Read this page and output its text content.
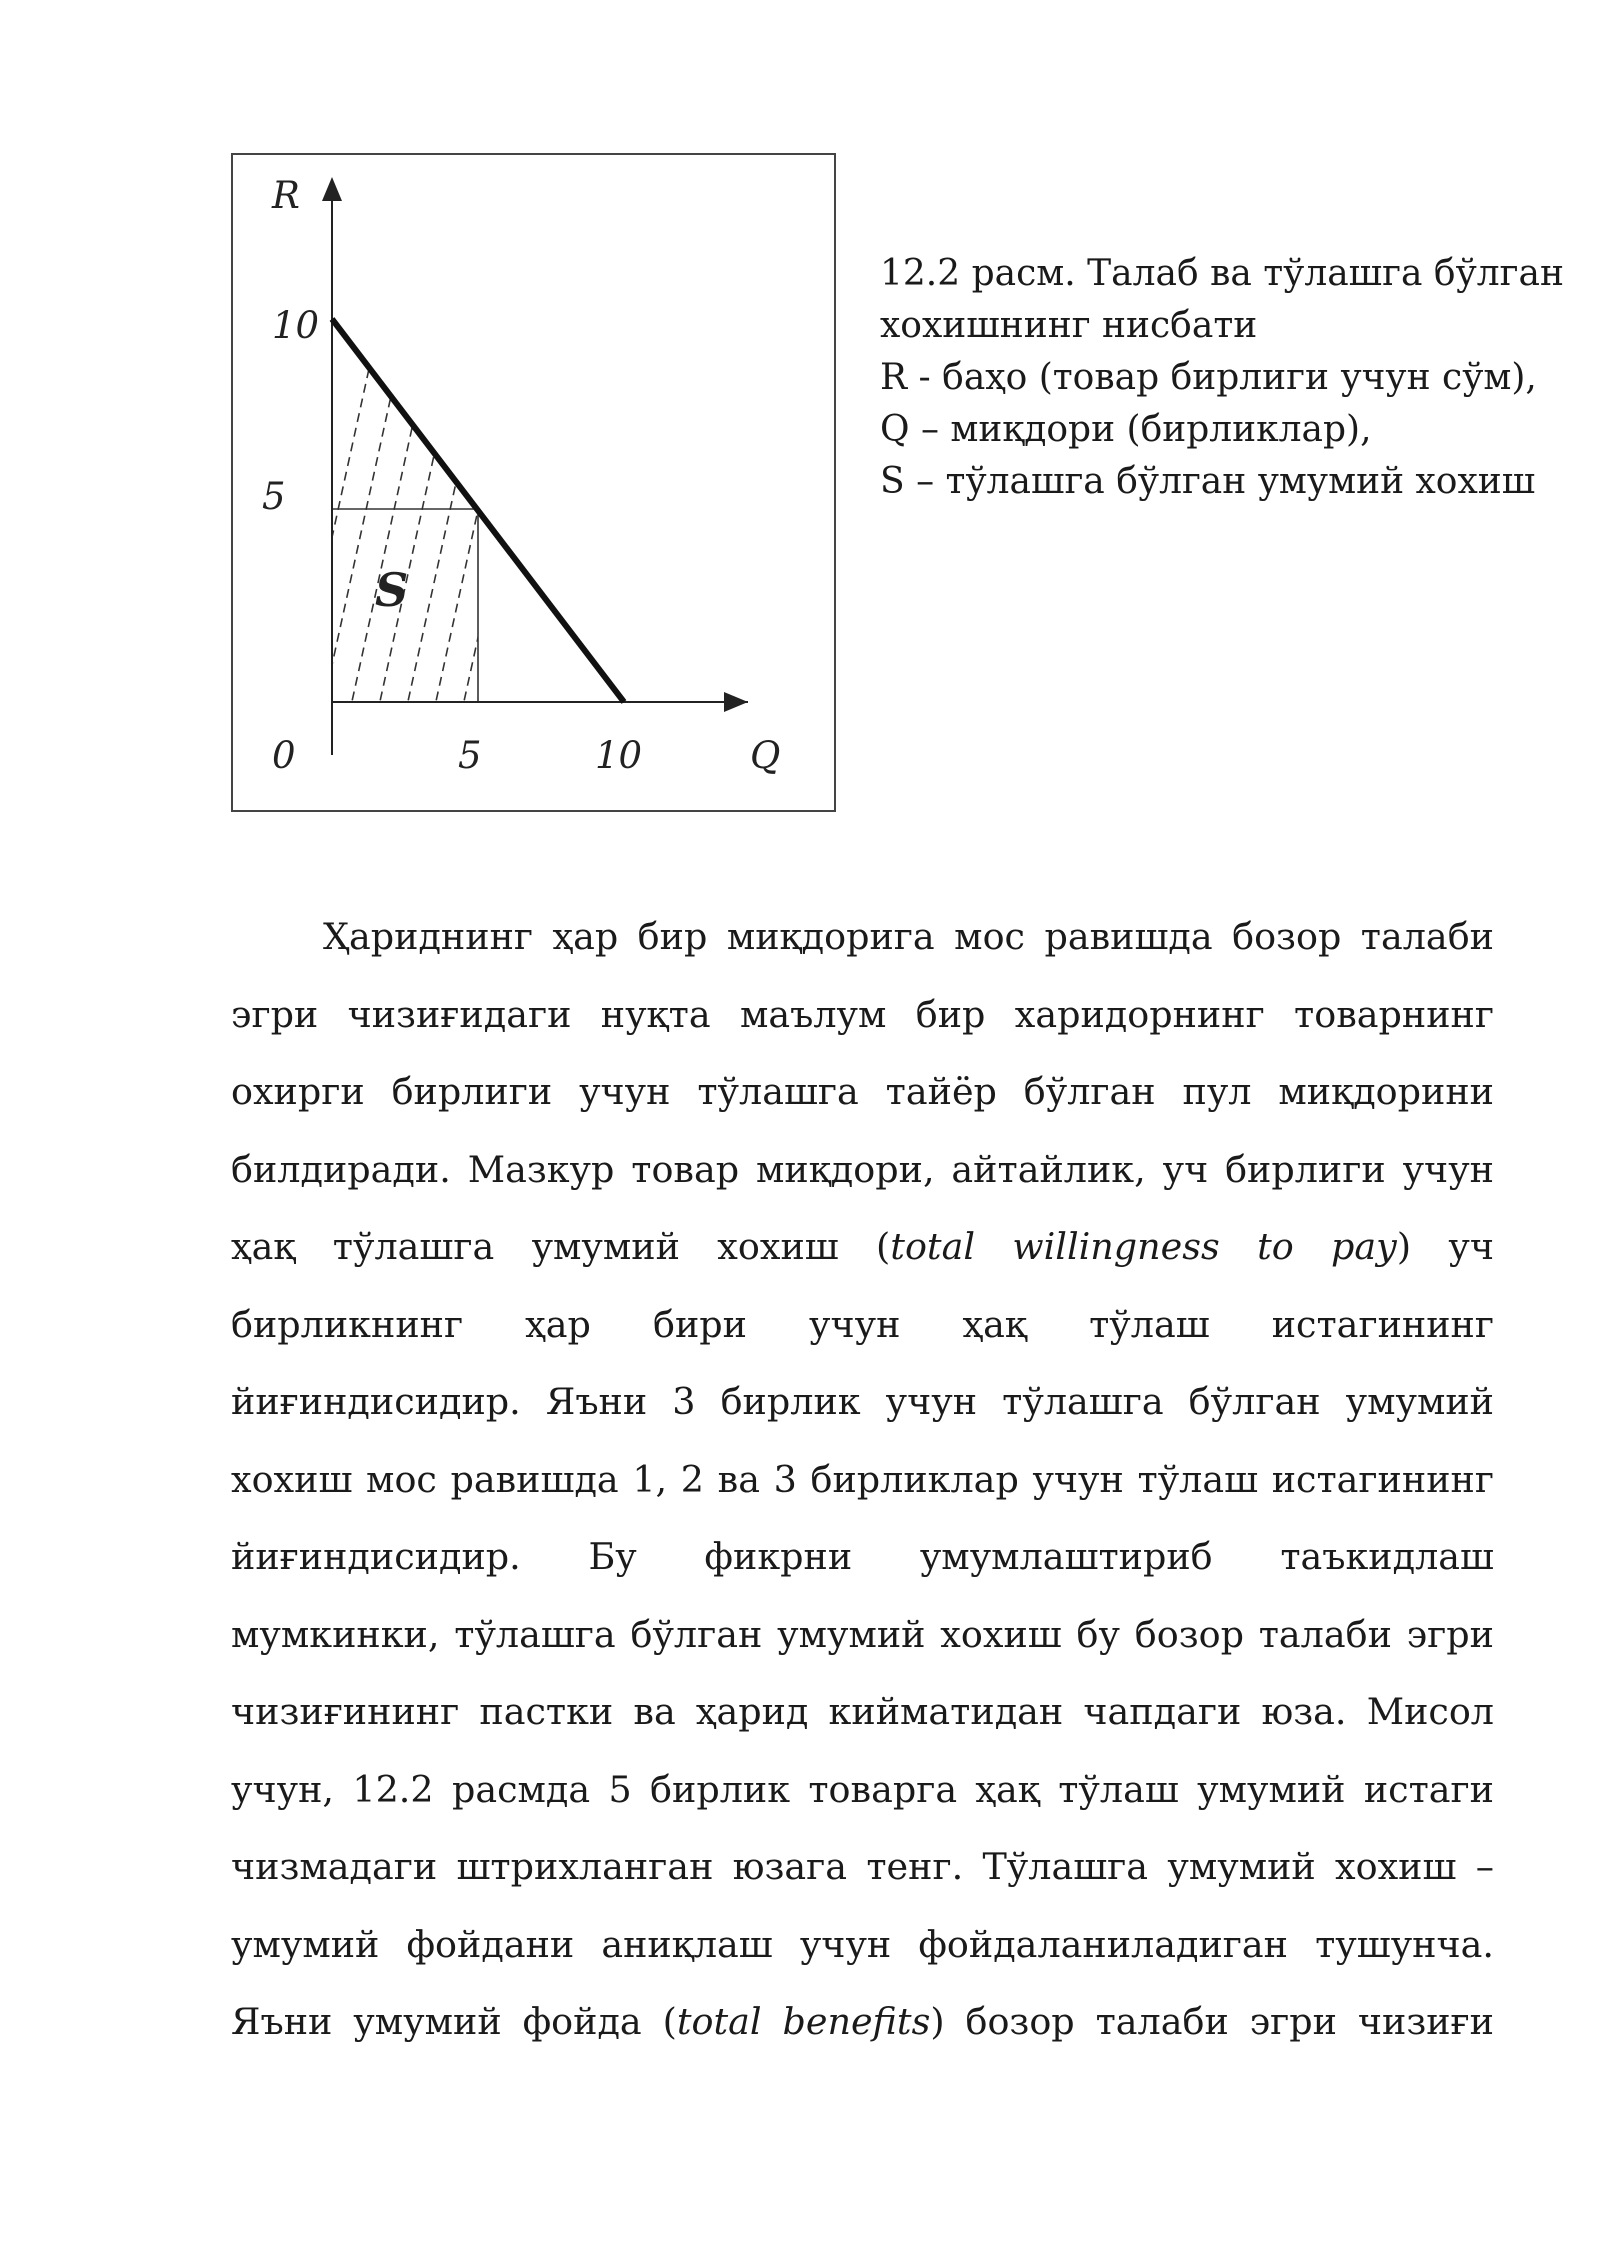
R
10
5
S
0	5	10	Q
12.2 расм. Талаб ва тўлашга бўлган
хохишнинг нисбати
R - баҳо (товар бирлиги учун сўм),
Q – миқдори (бирликлар),
S – тўлашга бўлган умумий хохиш
Ҳариднинг ҳар бир миқдорига мос равишда бозор талаби
эгри чизиғидаги нуқта маълум бир харидорнинг товарнинг
охирги бирлиги учун тўлашга тайёр бўлган пул миқдорини
билдиради. Мазкур товар миқдори, айтайлик, уч бирлиги учун
ҳақ тўлашга умумий хохиш (total willingness to pay) уч
бирликнинг ҳар бири учун ҳақ тўлаш истагининг
йиғиндисидир. Яъни 3 бирлик учун тўлашга бўлган умумий
хохиш мос равишда 1, 2 ва 3 бирликлар учун тўлаш истагининг
йиғиндисидир. Бу фикрни умумлаштириб таъкидлаш
мумкинки, тўлашга бўлган умумий хохиш бу бозор талаби эгри
чизиғининг пастки ва ҳарид кийматидан чапдаги юза. Мисол
учун, 12.2 расмда 5 бирлик товарга ҳақ тўлаш умумий истаги
чизмадаги штрихланган юзага тенг. Тўлашга умумий хохиш –
умумий фойдани аниқлаш учун фойдаланиладиган тушунча.
Яъни умумий фойда (total benefits) бозор талаби эгри чизиғи
